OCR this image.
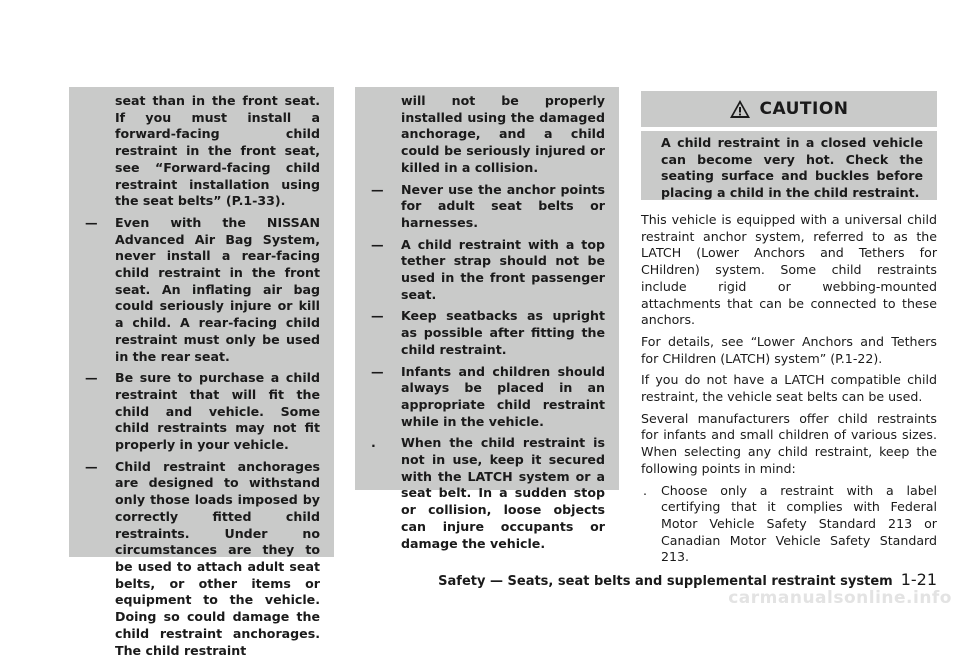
seat than in the front seat. If you must install a forward-facing child restraint in the front seat, see “Forward-facing child restraint installation using the seat belts” (P.1-33).

— Even with the NISSAN Advanced Air Bag System, never install a rear-facing child restraint in the front seat. An inflating air bag could seriously injure or kill a child. A rear-facing child restraint must only be used in the rear seat.
— Be sure to purchase a child restraint that will fit the child and vehicle. Some child restraints may not fit properly in your vehicle.
— Child restraint anchorages are designed to withstand only those loads imposed by correctly fitted child restraints. Under no circumstances are they to be used to attach adult seat belts, or other items or equipment to the vehicle. Doing so could damage the child restraint anchorages. The child restraint

will not be properly installed using the damaged anchorage, and a child could be seriously injured or killed in a collision.

— Never use the anchor points for adult seat belts or harnesses.
— A child restraint with a top tether strap should not be used in the front passenger seat.
— Keep seatbacks as upright as possible after fitting the child restraint.
— Infants and children should always be placed in an appropriate child restraint while in the vehicle.
. When the child restraint is not in use, keep it secured with the LATCH system or a seat belt. In a sudden stop or collision, loose objects can injure occupants or damage the vehicle.
CAUTION
A child restraint in a closed vehicle can become very hot. Check the seating surface and buckles before placing a child in the child restraint.

This vehicle is equipped with a universal child restraint anchor system, referred to as the LATCH (Lower Anchors and Tethers for CHildren) system. Some child restraints include rigid or webbing-mounted attachments that can be connected to these anchors.

For details, see “Lower Anchors and Tethers for CHildren (LATCH) system” (P.1-22).

If you do not have a LATCH compatible child restraint, the vehicle seat belts can be used.

Several manufacturers offer child restraints for infants and small children of various sizes. When selecting any child restraint, keep the following points in mind:

. Choose only a restraint with a label certifying that it complies with Federal Motor Vehicle Safety Standard 213 or Canadian Motor Vehicle Safety Standard 213.
Safety — Seats, seat belts and supplemental restraint system 1-21
carmanualsonline.info
